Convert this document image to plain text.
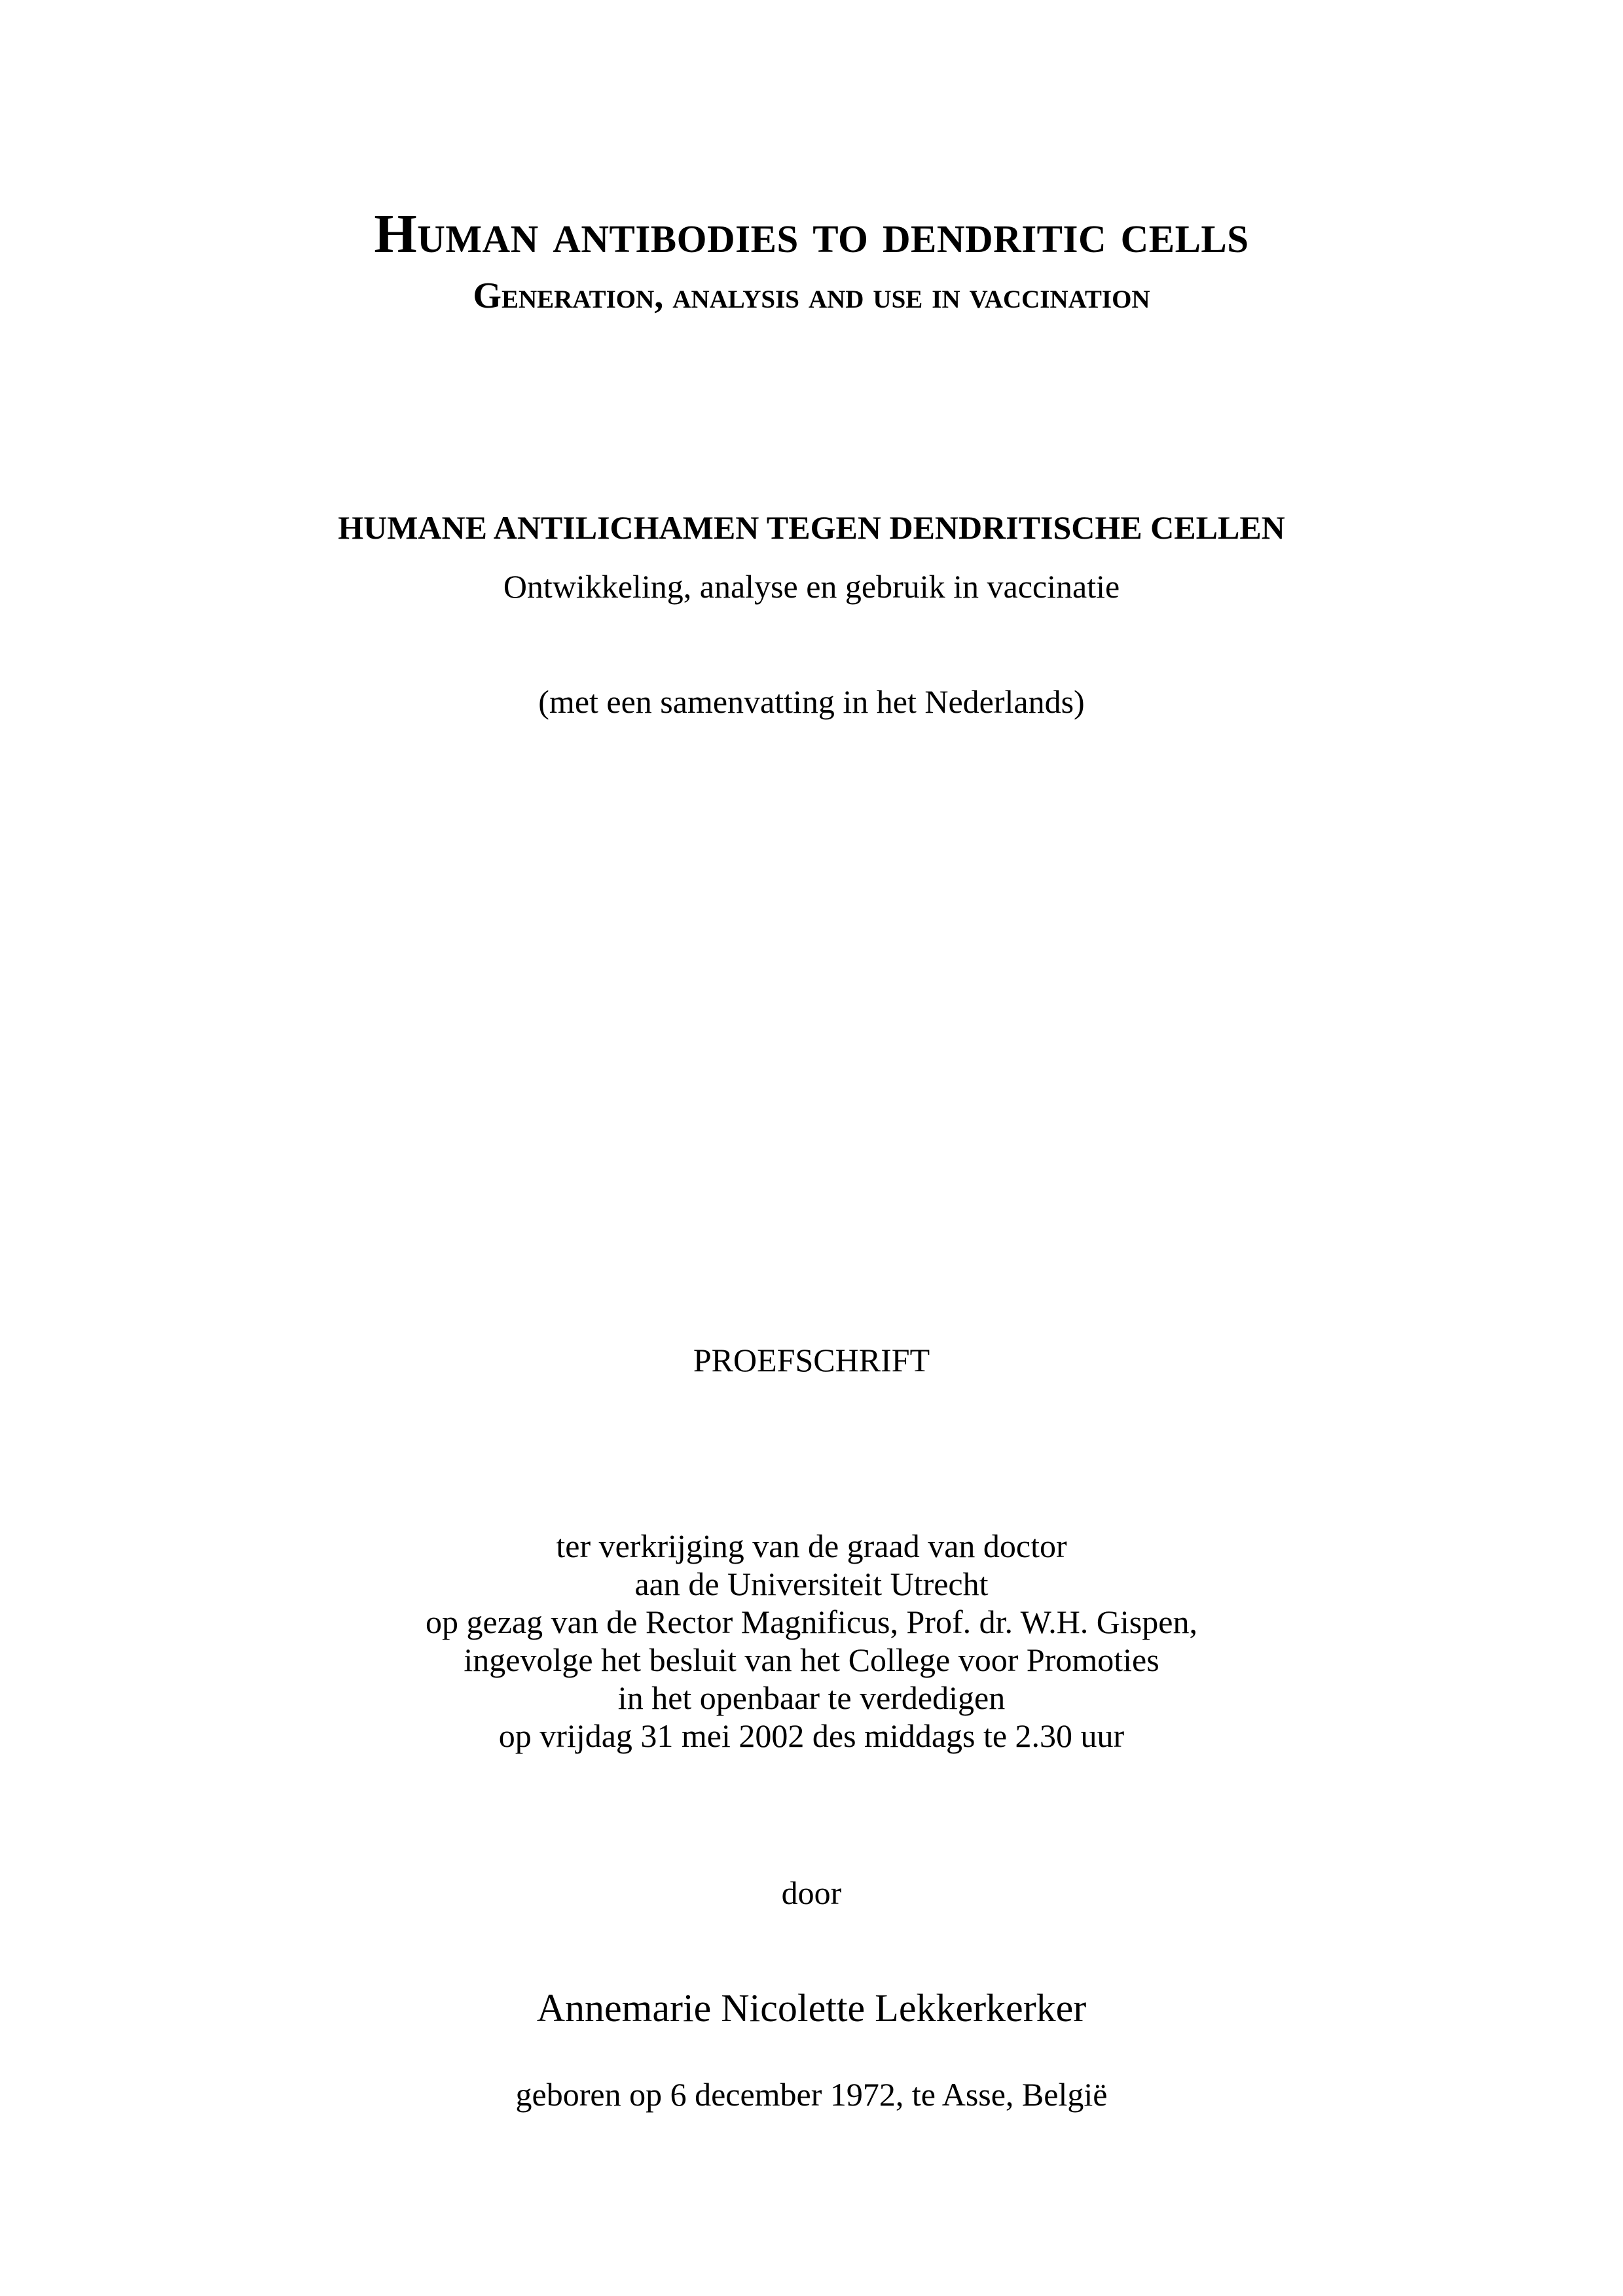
Human antibodies to dendritic cells
Generation, analysis and use in vaccination
HUMANE ANTILICHAMEN TEGEN DENDRITISCHE CELLEN
Ontwikkeling, analyse en gebruik in vaccinatie
(met een samenvatting in het Nederlands)
PROEFSCHRIFT
ter verkrijging van de graad van doctor
aan de Universiteit Utrecht
op gezag van de Rector Magnificus, Prof. dr. W.H. Gispen,
ingevolge het besluit van het College voor Promoties
in het openbaar te verdedigen
op vrijdag 31 mei 2002 des middags te 2.30 uur
door
Annemarie Nicolette Lekkerkerker
geboren op 6 december 1972, te Asse, België
